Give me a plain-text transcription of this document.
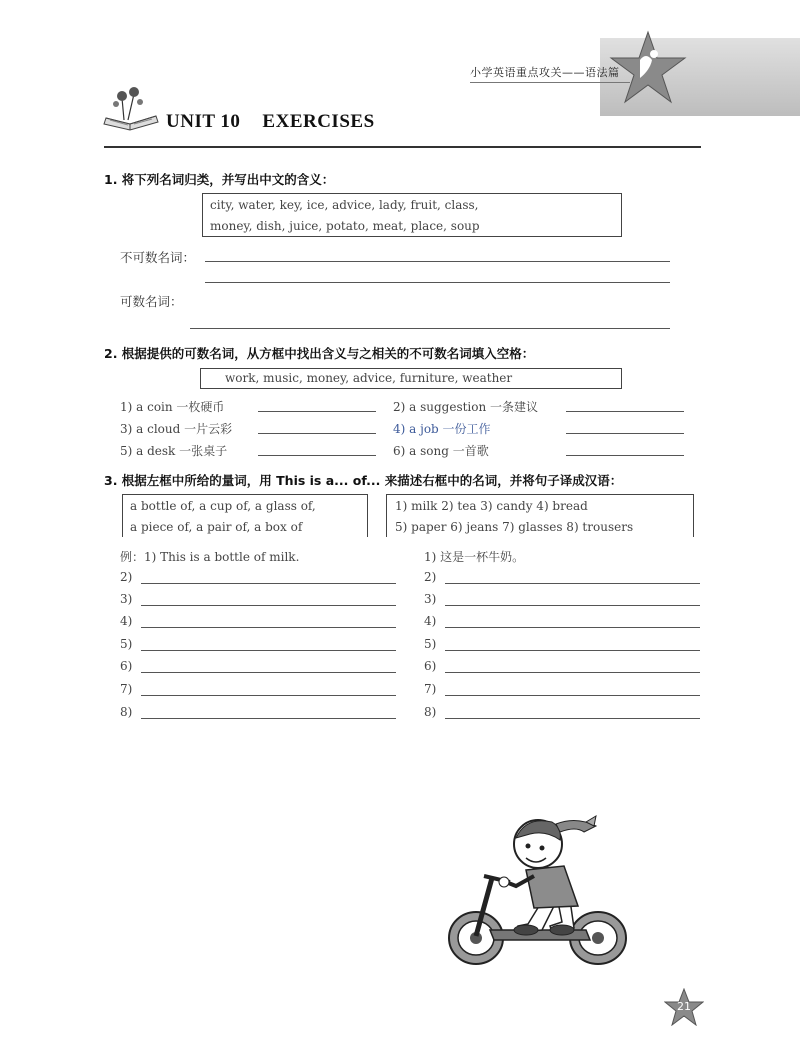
小学英语重点攻关——语法篇
UNIT 10 EXERCISES
1. 将下列名词归类，并写出中文的含义：
city, water, key, ice, advice, lady, fruit, class,
money, dish, juice, potato, meat, place, soup
不可数名词：
可数名词：
2. 根据提供的可数名词，从方框中找出含义与之相关的不可数名词填入空格：
work, music, money, advice, furniture, weather
1) a coin 一枚硬币	2) a suggestion 一条建议
3) a cloud 一片云彩	4) a job 一份工作
5) a desk 一张桌子	6) a song 一首歌
3. 根据左框中所给的量词，用 This is a... of... 来描述右框中的名词，并将句子译成汉语：
a bottle of, a cup of, a glass of,
a piece of, a pair of, a box of
1) milk 2) tea 3) candy 4) bread
5) paper 6) jeans 7) glasses 8) trousers
例：1) This is a bottle of milk.	1) 这是一杯牛奶。
2)	2)
3)	3)
4)	4)
5)	5)
6)	6)
7)	7)
8)	8)
21
